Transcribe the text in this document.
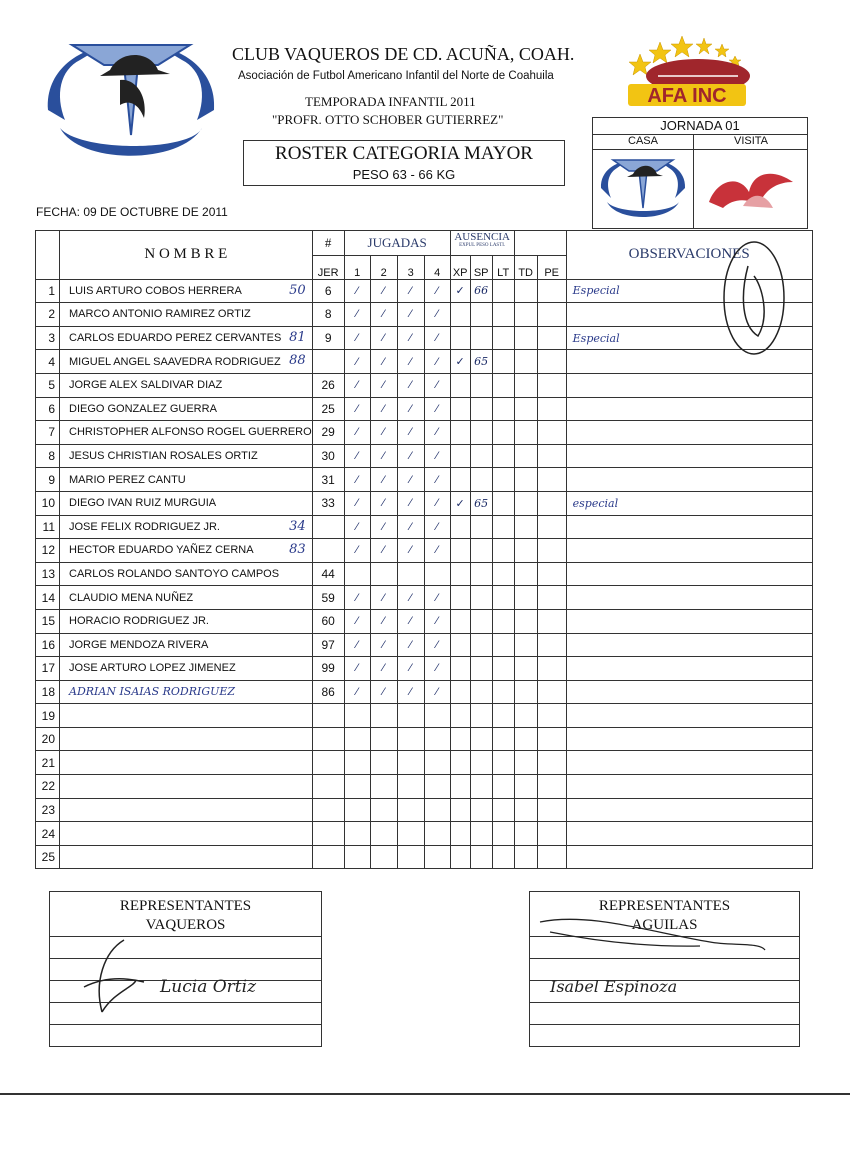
CLUB VAQUEROS DE CD. ACUÑA, COAH.
Asociación de Futbol Americano Infantil del Norte de Coahuila
TEMPORADA INFANTIL 2011
"PROFR. OTTO SCHOBER GUTIERREZ"
ROSTER CATEGORIA MAYOR
PESO 63 - 66 KG
AFA INC
JORNADA 01
CASA	VISITA
FECHA: 09 DE OCTUBRE DE 2011
	N O M B R E	#	JUGADAS				AUSENCIA
EXPUL PESO LASTI.					OBSERVACIONES
		JER	1	2	3	4	XP	SP	LT	TD	PE	
1	LUIS ARTURO COBOS HERRERA 50	6	⁄	⁄	⁄	⁄	✓	66				Especial
2	MARCO ANTONIO RAMIREZ ORTIZ	8	⁄	⁄	⁄	⁄						
3	CARLOS EDUARDO PEREZ CERVANTES 81	9	⁄	⁄	⁄	⁄						Especial
4	MIGUEL ANGEL SAAVEDRA RODRIGUEZ 88		⁄	⁄	⁄	⁄	✓	65				
5	JORGE ALEX SALDIVAR DIAZ	26	⁄	⁄	⁄	⁄						
6	DIEGO GONZALEZ GUERRA	25	⁄	⁄	⁄	⁄						
7	CHRISTOPHER ALFONSO ROGEL GUERRERO	29	⁄	⁄	⁄	⁄						
8	JESUS CHRISTIAN ROSALES ORTIZ	30	⁄	⁄	⁄	⁄						
9	MARIO PEREZ CANTU	31	⁄	⁄	⁄	⁄						
10	DIEGO IVAN RUIZ MURGUIA	33	⁄	⁄	⁄	⁄	✓	65				especial
11	JOSE FELIX RODRIGUEZ JR. 34		⁄	⁄	⁄	⁄						
12	HECTOR EDUARDO YAÑEZ CERNA 83		⁄	⁄	⁄	⁄						
13	CARLOS ROLANDO SANTOYO CAMPOS	44										
14	CLAUDIO MENA NUÑEZ	59	⁄	⁄	⁄	⁄						
15	HORACIO RODRIGUEZ JR.	60	⁄	⁄	⁄	⁄						
16	JORGE MENDOZA RIVERA	97	⁄	⁄	⁄	⁄						
17	JOSE ARTURO LOPEZ JIMENEZ	99	⁄	⁄	⁄	⁄						
18	ADRIAN ISAIAS RODRIGUEZ	86	⁄	⁄	⁄	⁄						
19												
20												
21												
22												
23												
24												
25												
REPRESENTANTES
VAQUEROS
Lucia Ortiz
REPRESENTANTES
AGUILAS
Isabel Espinoza
